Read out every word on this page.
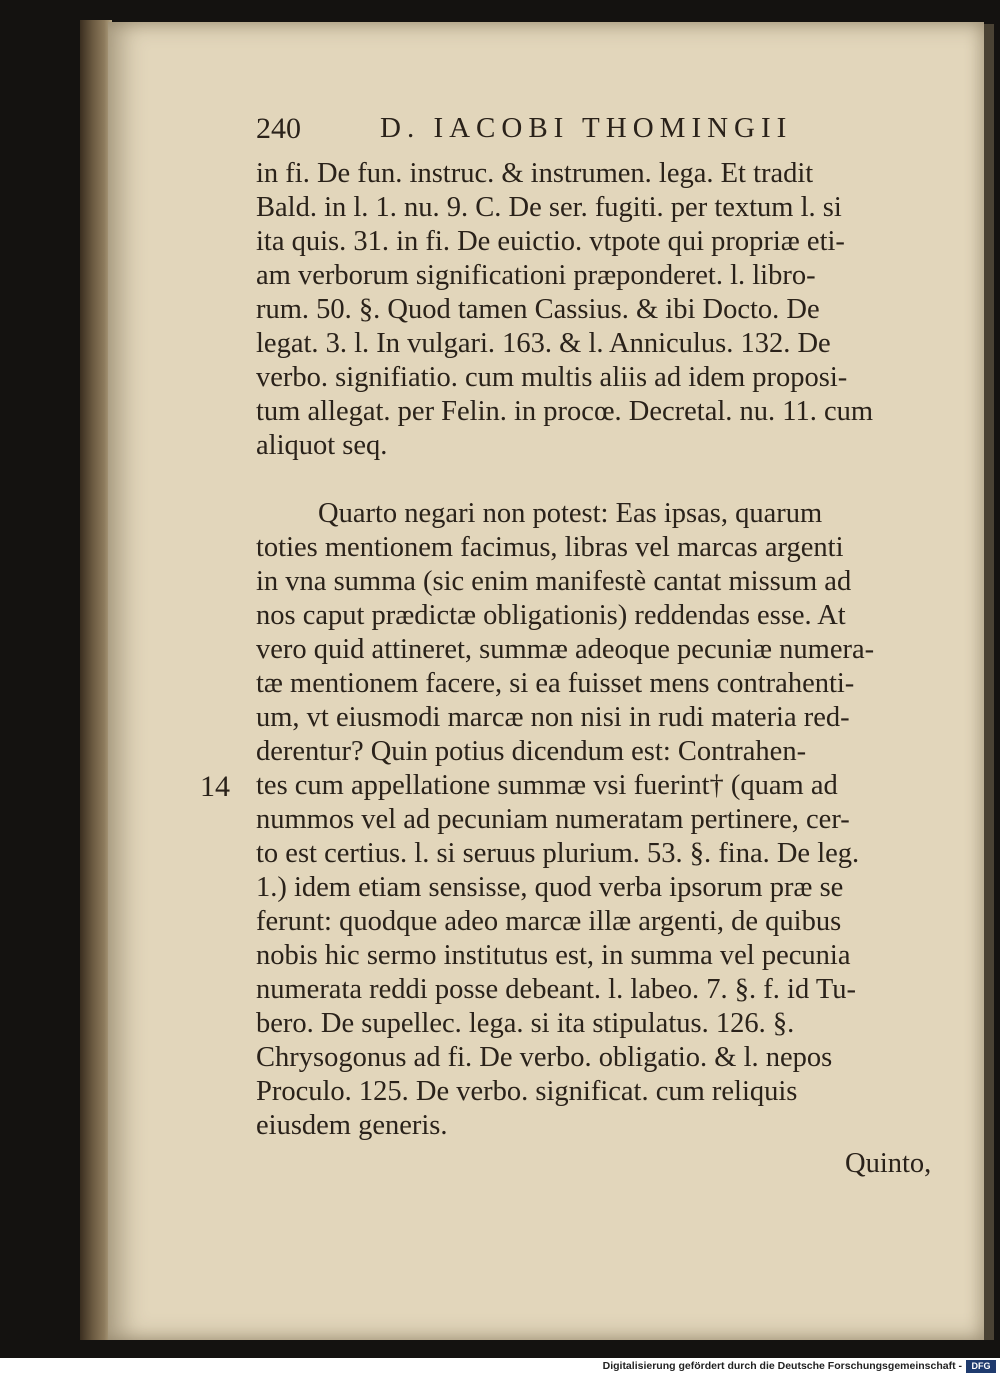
240	D. IACOBI THOMINGII
in fi. De fun. instruc. & instrumen. lega. Et tradit
Bald. in l. 1. nu. 9. C. De ser. fugiti. per textum l. si
ita quis. 31. in fi. De euictio. vtpote qui propriæ eti-
am verborum significationi præponderet. l. libro-
rum. 50. §. Quod tamen Cassius. & ibi Docto. De
legat. 3. l. In vulgari. 163. & l. Anniculus. 132. De
verbo. signifiatio. cum multis aliis ad idem proposi-
tum allegat. per Felin. in procœ. Decretal. nu. 11. cum
aliquot seq.
Quarto negari non potest: Eas ipsas, quarum
toties mentionem facimus, libras vel marcas argenti
in vna summa (sic enim manifestè cantat missum ad
nos caput prædictæ obligationis) reddendas esse. At
vero quid attineret, summæ adeoque pecuniæ numera-
tæ mentionem facere, si ea fuisset mens contrahenti-
um, vt eiusmodi marcæ non nisi in rudi materia red-
derentur? Quin potius dicendum est: Contrahen-
tes cum appellatione summæ vsi fuerint† (quam ad
nummos vel ad pecuniam numeratam pertinere, cer-
to est certius. l. si seruus plurium. 53. §. fina. De leg.
1.) idem etiam sensisse, quod verba ipsorum præ se
ferunt: quodque adeo marcæ illæ argenti, de quibus
nobis hic sermo institutus est, in summa vel pecunia
numerata reddi posse debeant. l. labeo. 7. §. f. id Tu-
bero. De supellec. lega. si ita stipulatus. 126. §.
Chrysogonus ad fi. De verbo. obligatio. & l. nepos
Proculo. 125. De verbo. significat. cum reliquis
eiusdem generis.
14
Quinto,
Digitalisierung gefördert durch die Deutsche Forschungsgemeinschaft -	DFG
